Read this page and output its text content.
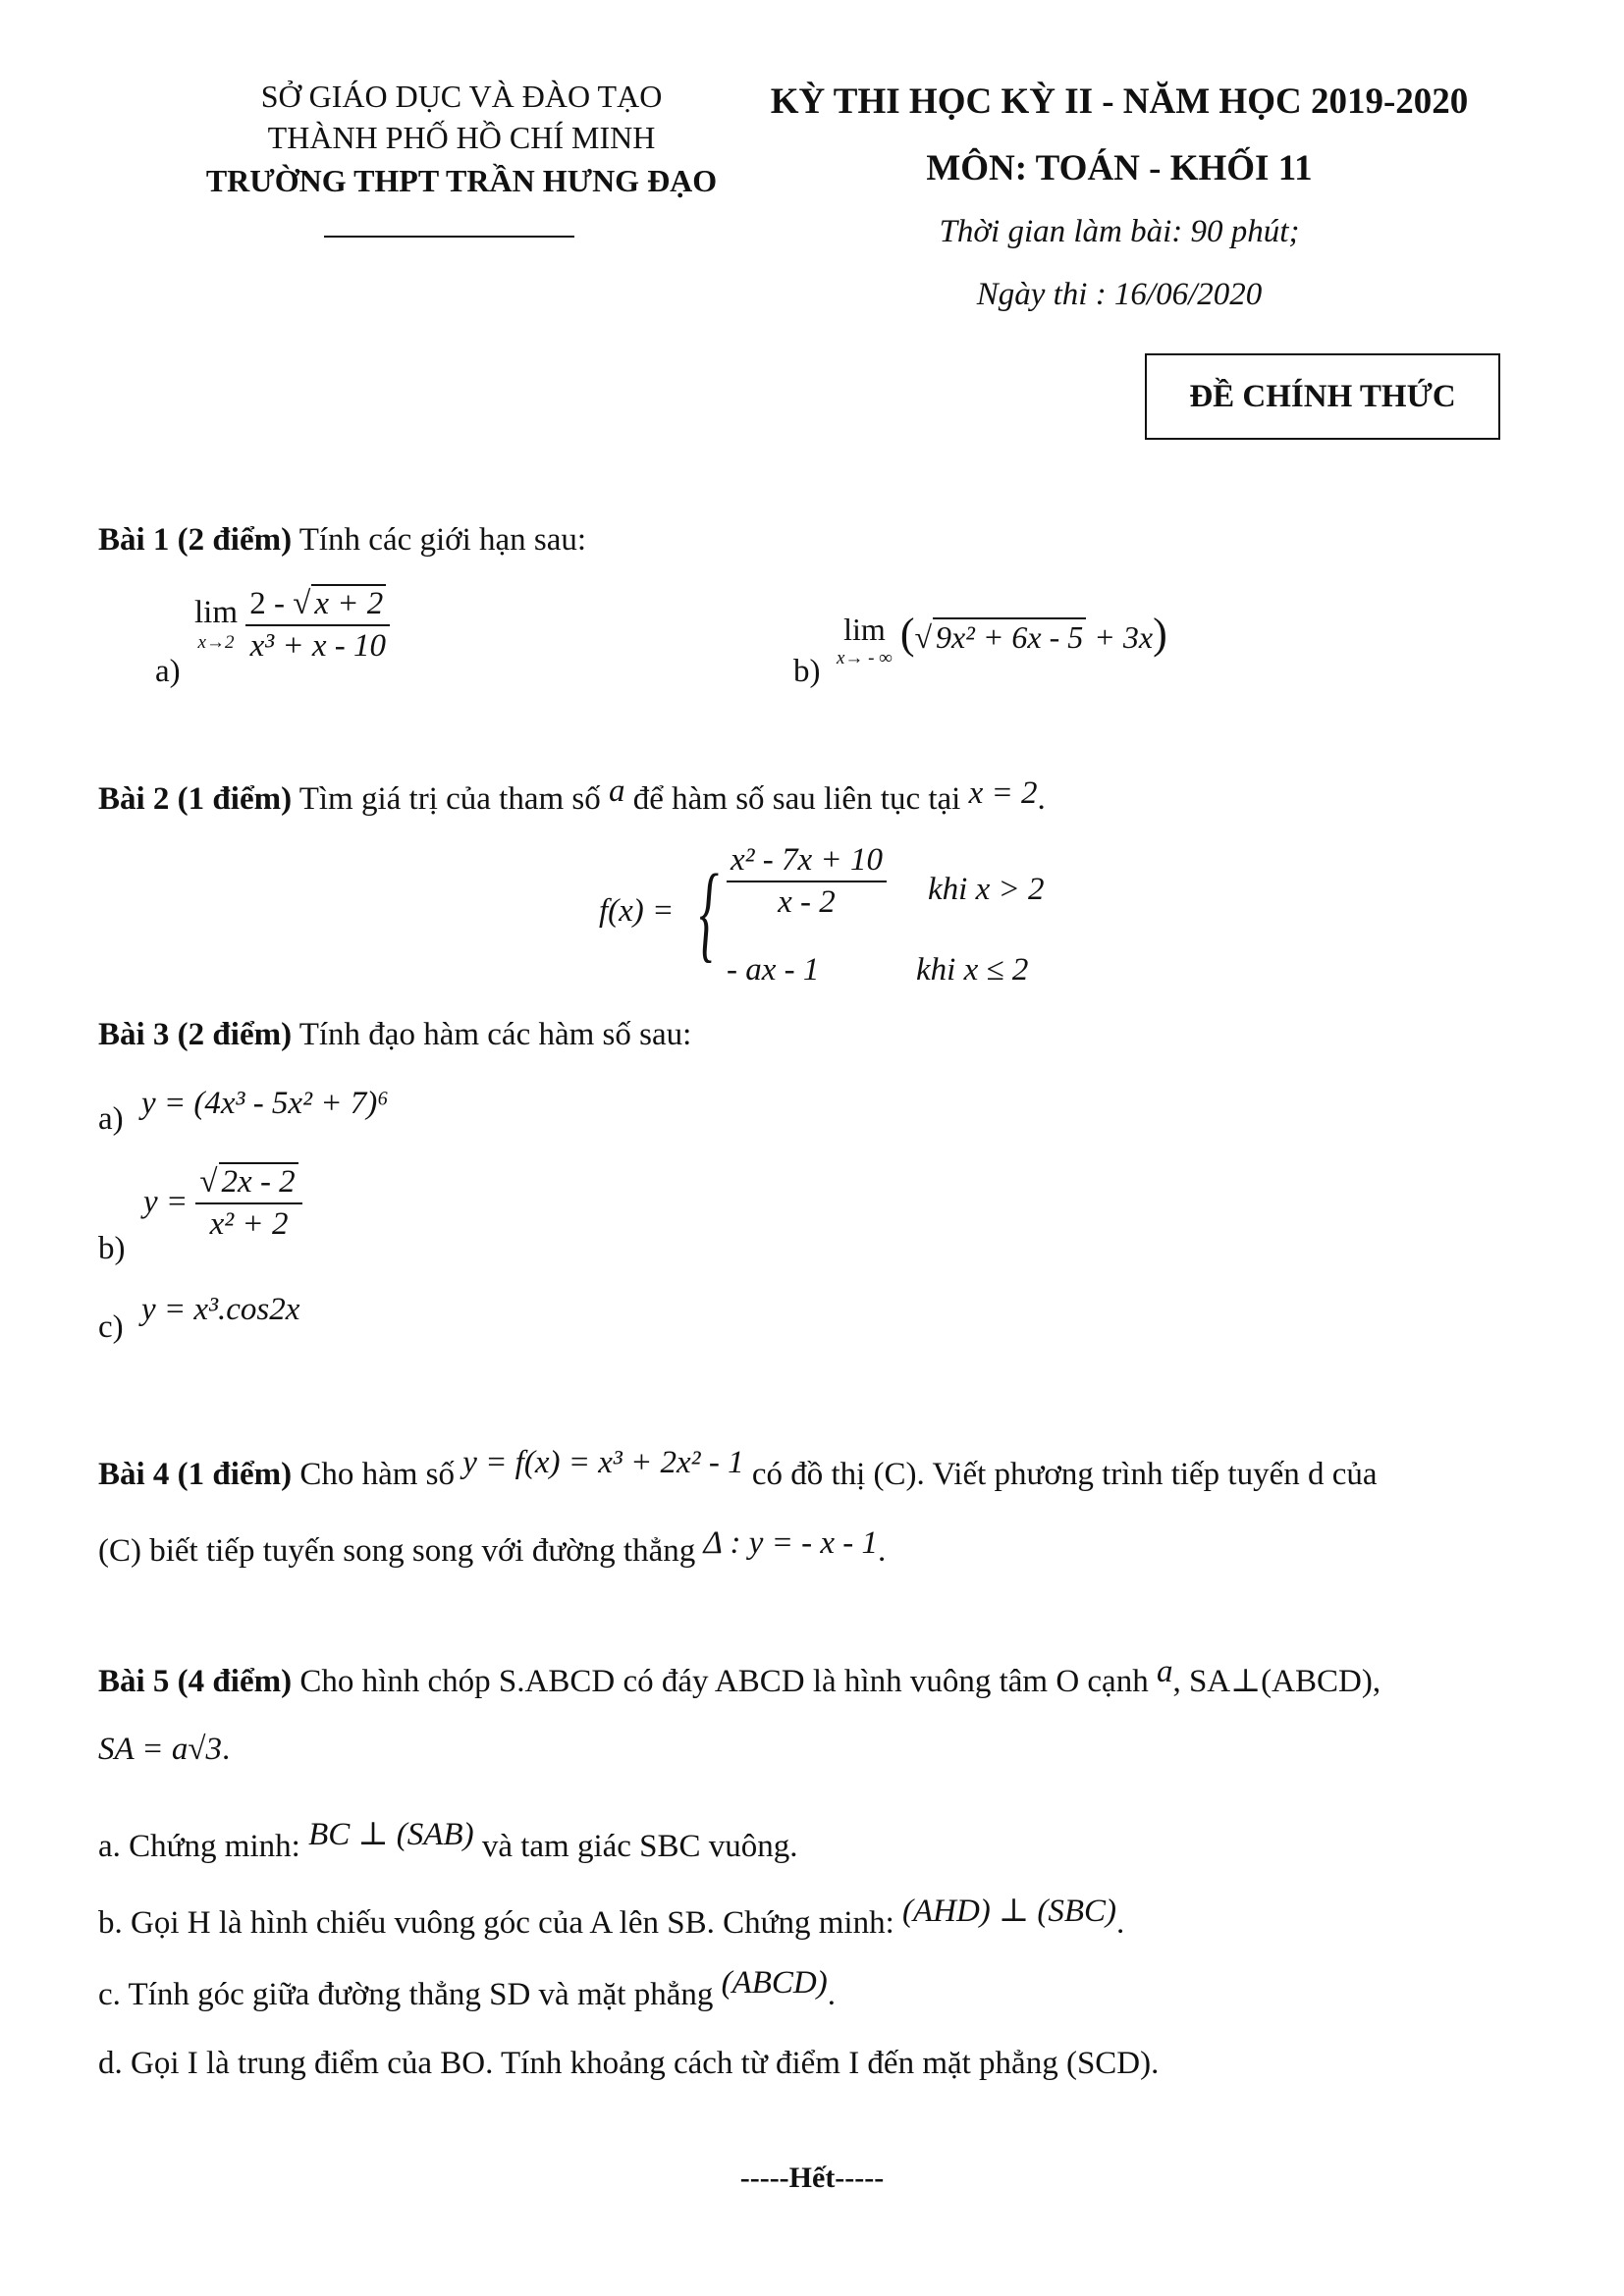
SỞ GIÁO DỤC VÀ ĐÀO TẠO
THÀNH PHỐ HỒ CHÍ MINH
TRƯỜNG THPT TRẦN HƯNG ĐẠO
KỲ THI HỌC KỲ II - NĂM HỌC 2019-2020
MÔN: TOÁN - KHỐI 11
Thời gian làm bài: 90 phút;
Ngày thi : 16/06/2020
ĐỀ CHÍNH THỨC
Bài 1 (2 điểm) Tính các giới hạn sau:
a)
lim
x→2
$\frac{2 - √ x + 2}{\text{x³ + x - 10}}$
b)
lim
x→ - ∞
(√ 9x² + 6x - 5 + 3x)
Bài 2 (1 điểm) Tìm giá trị của tham số a để hàm số sau liên tục tại x = 2.
f(x) = { $\frac{\text{x² - 7x + 10}}{x - 2}$ khi x > 2
- ax - 1	khi x ≤ 2
Bài 3 (2 điểm) Tính đạo hàm các hàm số sau:
a) y = (4x³ - 5x² + 7)⁶
b)
$y = \frac{√ 2x - 2}{\text{x² + 2}}$
c) y = x³.cos2x
Bài 4 (1 điểm) Cho hàm số y = f(x) = x³ + 2x² - 1 có đồ thị (C). Viết phương trình tiếp tuyến d của
(C) biết tiếp tuyến song song với đường thẳng Δ : y = - x - 1.
Bài 5 (4 điểm) Cho hình chóp S.ABCD có đáy ABCD là hình vuông tâm O cạnh a, SA⊥(ABCD),
SA = a√3.
a. Chứng minh: BC ⊥ (SAB) và tam giác SBC vuông.
b. Gọi H là hình chiếu vuông góc của A lên SB. Chứng minh: (AHD) ⊥ (SBC).
c. Tính góc giữa đường thẳng SD và mặt phẳng (ABCD).
d. Gọi I là trung điểm của BO. Tính khoảng cách từ điểm I đến mặt phẳng (SCD).
-----Hết-----
